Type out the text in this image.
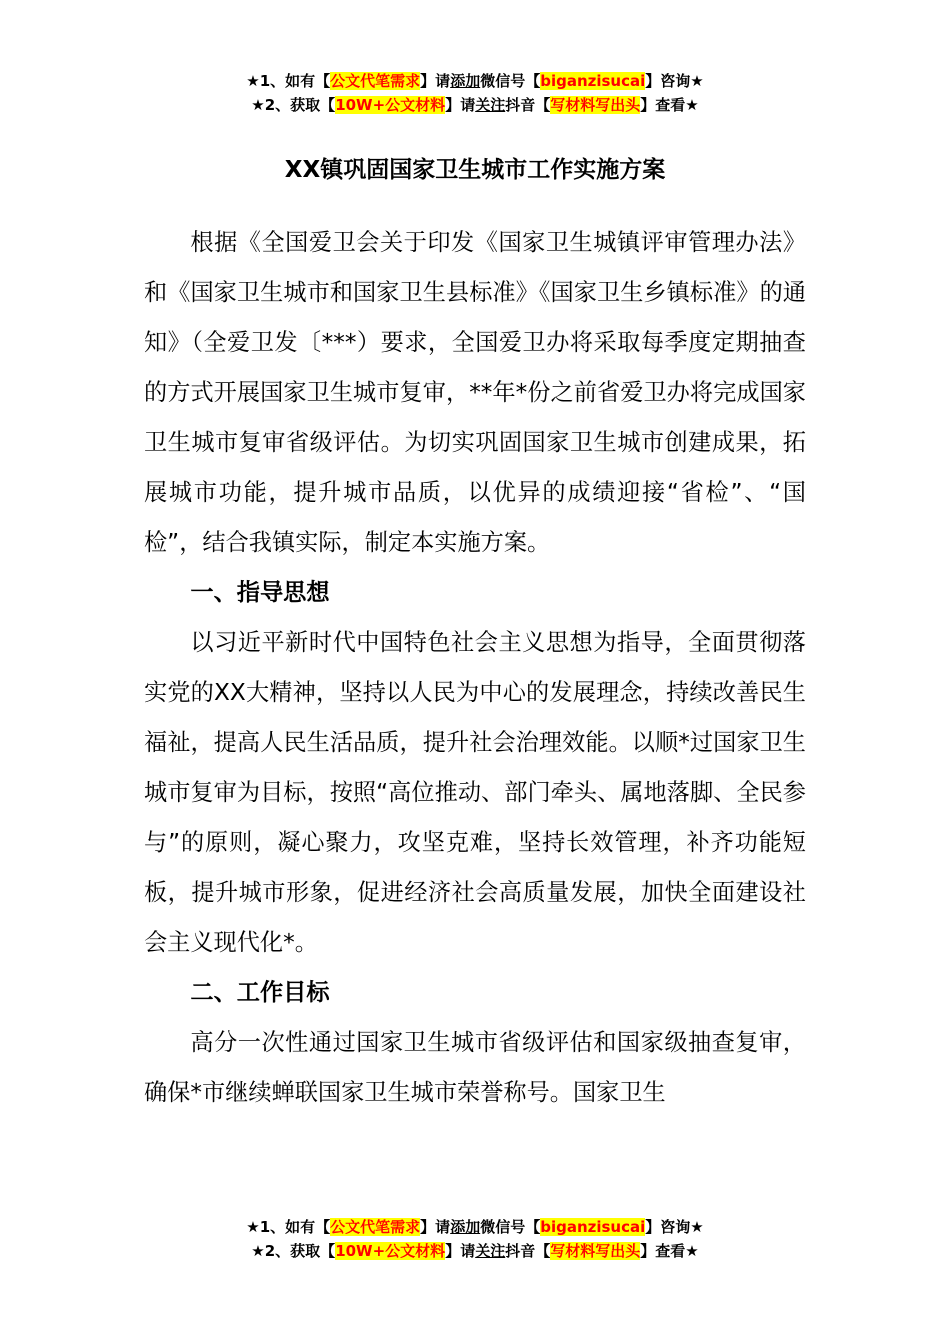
★1、如有【公文代笔需求】请添加微信号【biganzisucai】咨询★
★2、获取【10W+公文材料】请关注抖音【写材料写出头】查看★
XX镇巩固国家卫生城市工作实施方案

根据《全国爱卫会关于印发《国家卫生城镇评审管理办法》和《国家卫生城市和国家卫生县标准》《国家卫生乡镇标准》的通知》（全爱卫发〔***）要求，全国爱卫办将采取每季度定期抽查的方式开展国家卫生城市复审，**年*份之前省爱卫办将完成国家卫生城市复审省级评估。为切实巩固国家卫生城市创建成果，拓展城市功能，提升城市品质，以优异的成绩迎接“省检”、“国检”，结合我镇实际，制定本实施方案。

一、指导思想

以习近平新时代中国特色社会主义思想为指导，全面贯彻落实党的XX大精神，坚持以人民为中心的发展理念，持续改善民生福祉，提高人民生活品质，提升社会治理效能。以顺*过国家卫生城市复审为目标，按照“高位推动、部门牵头、属地落脚、全民参与”的原则，凝心聚力，攻坚克难，坚持长效管理，补齐功能短板，提升城市形象，促进经济社会高质量发展，加快全面建设社会主义现代化*。

二、工作目标

高分一次性通过国家卫生城市省级评估和国家级抽查复审，确保*市继续蝉联国家卫生城市荣誉称号。国家卫生

★1、如有【公文代笔需求】请添加微信号【biganzisucai】咨询★
★2、获取【10W+公文材料】请关注抖音【写材料写出头】查看★
